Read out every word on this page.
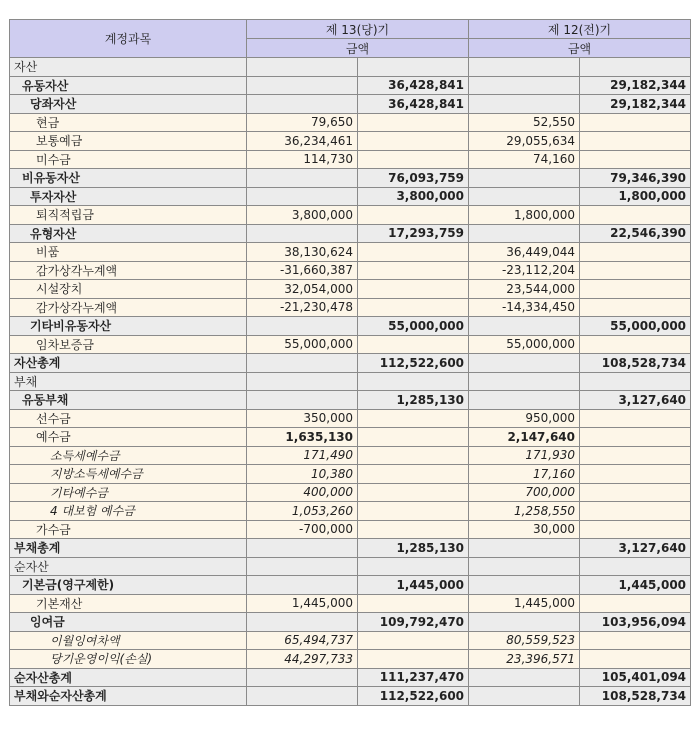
계정과목	제 13(당)기		제 12(전)기	
	금액		금액	
자산				
유동자산		36,428,841		29,182,344
당좌자산		36,428,841		29,182,344
현금	79,650		52,550	
보통예금	36,234,461		29,055,634	
미수금	114,730		74,160	
비유동자산		76,093,759		79,346,390
투자자산		3,800,000		1,800,000
퇴직적립금	3,800,000		1,800,000	
유형자산		17,293,759		22,546,390
비품	38,130,624		36,449,044	
감가상각누계액	-31,660,387		-23,112,204	
시설장치	32,054,000		23,544,000	
감가상각누계액	-21,230,478		-14,334,450	
기타비유동자산		55,000,000		55,000,000
임차보증금	55,000,000		55,000,000	
자산총계		112,522,600		108,528,734
부채				
유동부채		1,285,130		3,127,640
선수금	350,000		950,000	
예수금	1,635,130		2,147,640	
소득세예수금	171,490		171,930	
지방소득세예수금	10,380		17,160	
기타예수금	400,000		700,000	
4 대보험 예수금	1,053,260		1,258,550	
가수금	-700,000		30,000	
부채총계		1,285,130		3,127,640
순자산				
기본금(영구제한)		1,445,000		1,445,000
기본재산	1,445,000		1,445,000	
잉여금		109,792,470		103,956,094
이월잉여차액	65,494,737		80,559,523	
당기운영이익(손실)	44,297,733		23,396,571	
순자산총계		111,237,470		105,401,094
부채와순자산총계		112,522,600		108,528,734
